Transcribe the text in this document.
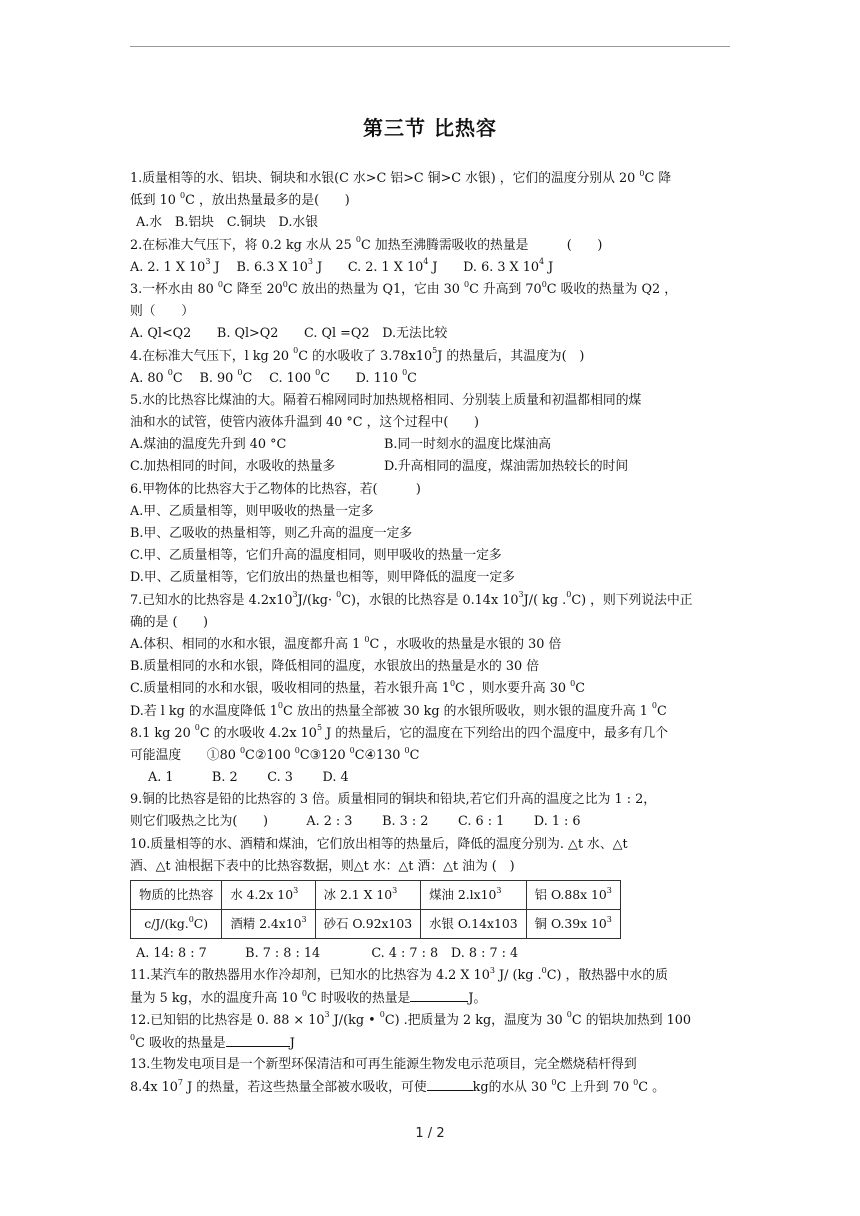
第三节 比热容
1.质量相等的水、铝块、铜块和水银(C 水>C 铝>C 铜>C 水银) ，它们的温度分别从 20 $^0$C 降
低到 10 $^0$C ，放出热量最多的是(　　)
A.水　B.铝块　C.铜块　D.水银
2.在标准大气压下，将 0.2 kg 水从 25 $^0$C 加热至沸腾需吸收的热量是　　　(　　)
A. 2. 1 X $10^3$ J　 B. 6.3 X $10^3$ J　　 C. 2. 1 X $10^4$ J　　 D. 6. 3 X $10^4$ J
3.一杯水由 80 $^0$C 降至 $20^0C$ 放出的热量为 Q1，它由 30 $^0$C 升高到 $70^0C$ 吸收的热量为 Q2 ，
则（　　）
A. Ql<Q2　　B. Ql>Q2　　C. Ql =Q2　D.无法比较
4.在标准大气压下，l kg 20 $^0$C 的水吸收了 $3.78x10^5J$ 的热量后，其温度为(　)
A. 80 $^0$C　 B. 90 $^0$C　 C. 100 $^0$C　　 D. 110 $^0$C
5.水的比热容比煤油的大。隔着石棉网同时加热规格相同、分别装上质量和初温都相同的煤
油和水的试管，使管内液体升温到 40 °C ，这个过程中(　　)
A.煤油的温度先升到 40 °C	B.同一时刻水的温度比煤油高
C.加热相同的时间，水吸收的热量多	D.升高相同的温度，煤油需加热较长的时间
6.甲物体的比热容大于乙物体的比热容，若(　　　)
A.甲、乙质量相等，则甲吸收的热量一定多
B.甲、乙吸收的热量相等，则乙升高的温度一定多
C.甲、乙质量相等，它们升高的温度相同，则甲吸收的热量一定多
D.甲、乙质量相等，它们放出的热量也相等，则甲降低的温度一定多
7.已知水的比热容是 $4.2x10^3J/(kg\cdot ^0C)$，水银的比热容是 0.14x $10^3J/$( kg .$^0$C) ，则下列说法中正
确的是 (　　)
A.体积、相同的水和水银，温度都升高 1 $^0$C ，水吸收的热量是水银的 30 倍
B.质量相同的水和水银，降低相同的温度，水银放出的热量是水的 30 倍
C.质量相同的水和水银，吸收相同的热量，若水银升高 $1^0C$ ，则水要升高 30 $^0$C
D.若 l kg 的水温度降低 $1^0C$ 放出的热量全部被 30 kg 的水银所吸收，则水银的温度升高 1 $^0$C
8.1 kg 20 $^0$C 的水吸收 4.2x $10^5$ J 的热量后，它的温度在下列给出的四个温度中，最多有几个
可能温度　　①80 $^0$C②100 $^0$C③120 $^0$C④130 $^0$C
A. 1　　　B. 2　　 C. 3　　 D. 4
9.铜的比热容是铅的比热容的 3 倍。质量相同的铜块和铅块,若它们升高的温度之比为 1 : 2，
则它们吸热之比为(　　)　　　A. 2 : 3　　 B. 3 : 2　　 C. 6 : 1　　 D. 1 : 6
10.质量相等的水、酒精和煤油，它们放出相等的热量后，降低的温度分别为. △t 水、△t
酒、△t 油根据下表中的比热容数据，则△t 水：△t 酒：△t 油为 (　)
物质的比热容	水 4.2x $10^3$	冰 2.1 X $10^3$	煤油 $2.lx10^3$	铝 O.88x $10^3$
c/J/(kg.$^0$C)	酒精 $2.4x10^3$	砂石 O.92x103	水银 O.14x103	铜 O.39x $10^3$
A. 14: 8 : 7　　　B. 7 : 8 : 14　　　　C. 4 : 7 : 8　D. 8 : 7 : 4
11.某汽车的散热器用水作冷却剂，已知水的比热容为 4.2 X $10^3$ J/ (kg .$^0$C) ，散热器中水的质
量为 5 kg，水的温度升高 10 $^0$C 时吸收的热量是	J。
12.已知铝的比热容是 0. $88 \times 10^3$ J/(kg • $^0$C) .把质量为 2 kg，温度为 30 $^0$C 的铝块加热到 100
$^0$C 吸收的热量是	J
13.生物发电项目是一个新型环保清洁和可再生能源生物发电示范项目，完全燃烧秸杆得到
8.4x $10^7$ J 的热量，若这些热量全部被水吸收，可使	kg的水从 30 $^0$C 上升到 70 $^0$C 。
1 / 2
